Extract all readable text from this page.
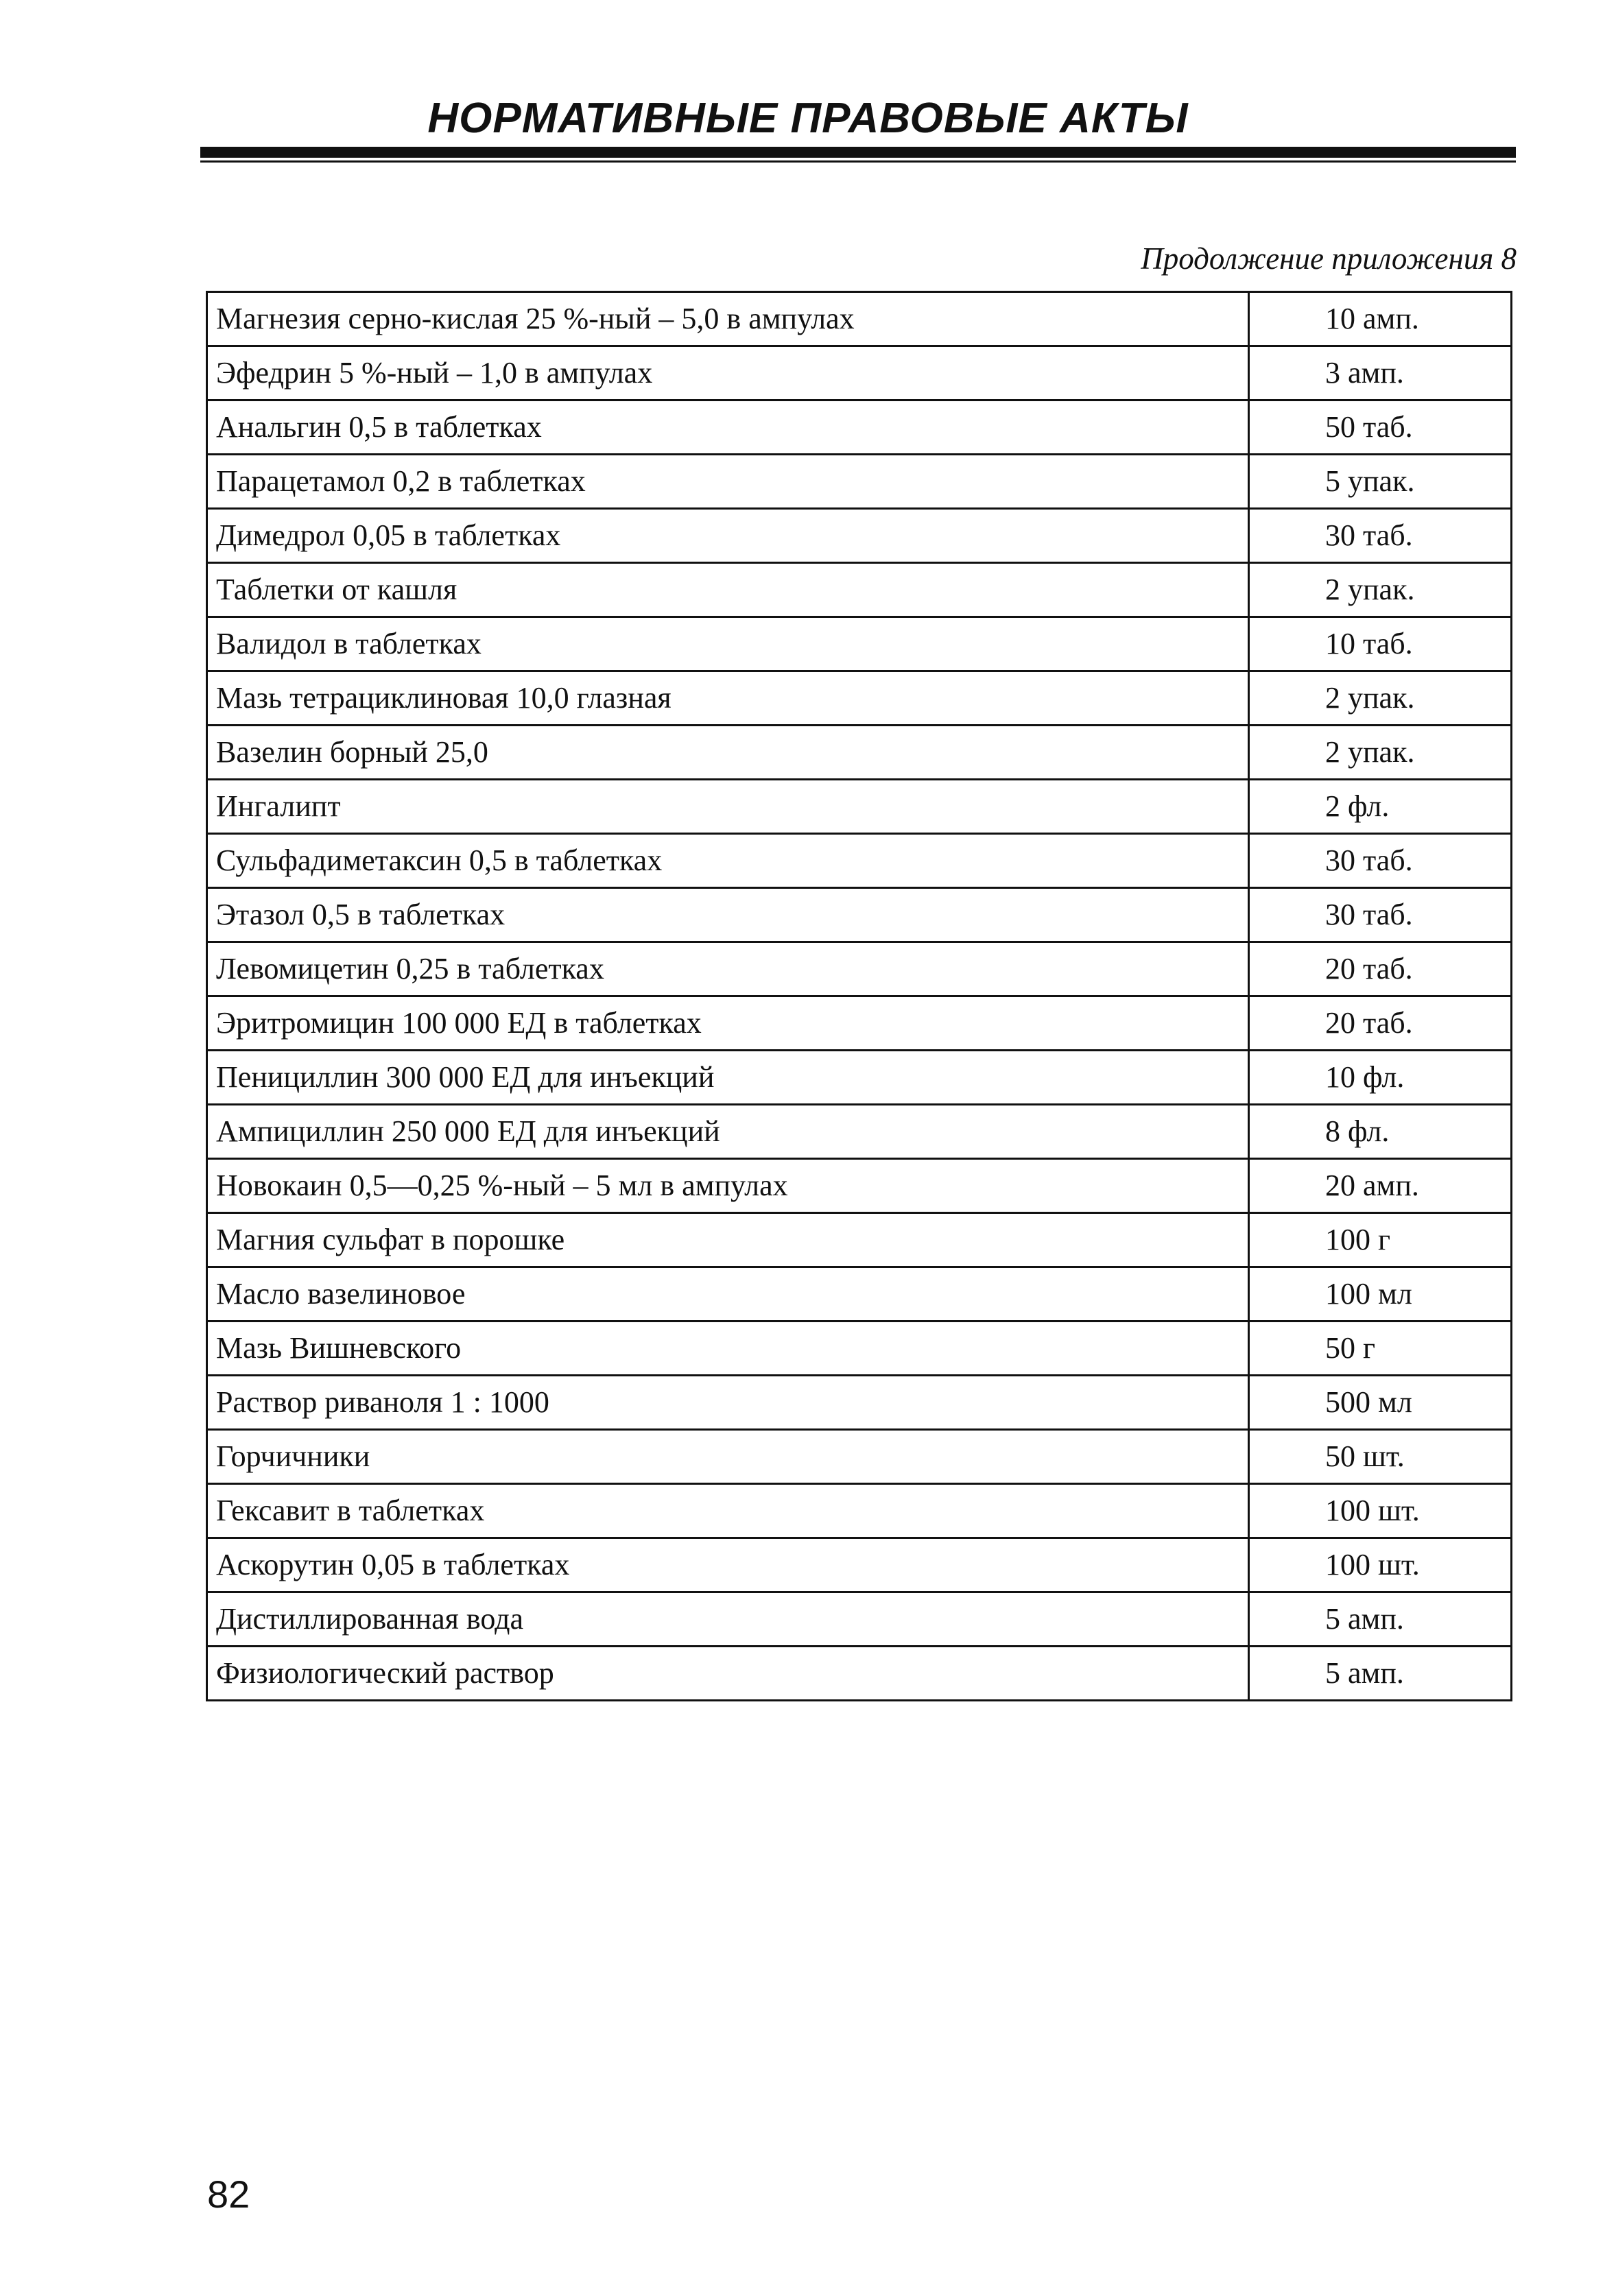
НОРМАТИВНЫЕ ПРАВОВЫЕ АКТЫ
Продолжение приложения 8
Магнезия серно-кислая 25 %-ный – 5,0 в ампулах	10 амп.
Эфедрин 5 %-ный – 1,0 в ампулах	3 амп.
Анальгин 0,5 в таблетках	50 таб.
Парацетамол 0,2 в таблетках	5 упак.
Димедрол 0,05 в таблетках	30 таб.
Таблетки от кашля	2 упак.
Валидол в таблетках	10 таб.
Мазь тетрациклиновая 10,0 глазная	2 упак.
Вазелин борный 25,0	2 упак.
Ингалипт	2 фл.
Сульфадиметаксин 0,5 в таблетках	30 таб.
Этазол 0,5 в таблетках	30 таб.
Левомицетин 0,25 в таблетках	20 таб.
Эритромицин 100 000 ЕД в таблетках	20 таб.
Пенициллин 300 000 ЕД для инъекций	10 фл.
Ампициллин 250 000 ЕД для инъекций	8 фл.
Новокаин 0,5—0,25 %-ный – 5 мл в ампулах	20 амп.
Магния сульфат в порошке	100 г
Масло вазелиновое	100 мл
Мазь Вишневского	50 г
Раствор риваноля 1 : 1000	500 мл
Горчичники	50 шт.
Гексавит в таблетках	100 шт.
Аскорутин 0,05 в таблетках	100 шт.
Дистиллированная вода	5 амп.
Физиологический раствор	5 амп.
82
